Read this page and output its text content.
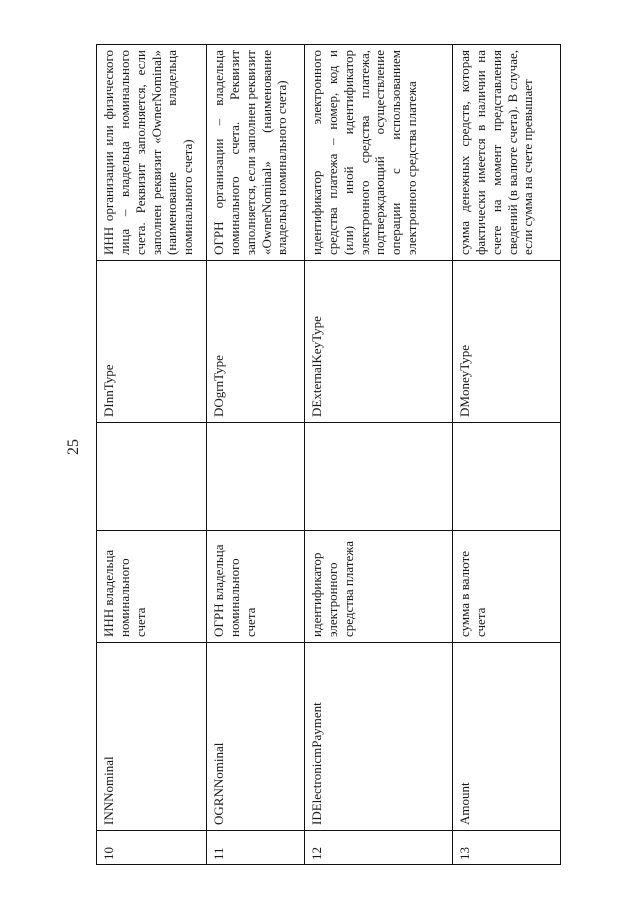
25
10	INNNominal	ИНН владельца номинального счета		DInnType	ИНН организации или физического лица – владельца номинального счета. Реквизит заполняется, если заполнен реквизит «OwnerNominal» (наименование владельца номинального счета)
11	OGRNNominal	ОГРН владельца номинального счета		DOgrnType	ОГРН организации – владельца номинального счета. Реквизит заполняется, если заполнен реквизит «OwnerNominal» (наименование владельца номинального счета)
12	IDElectronicmPayment	идентификатор электронного средства платежа		DExternalKeyType	идентификатор электронного средства платежа – номер, код и (или) иной идентификатор электронного средства платежа, подтверждающий осуществление операции с использованием электронного средства платежа
13	Amount	сумма в валюте счета		DMoneyType	сумма денежных средств, которая фактически имеется в наличии на счете на момент представления сведений (в валюте счета). В случае, если сумма на счете превышает
